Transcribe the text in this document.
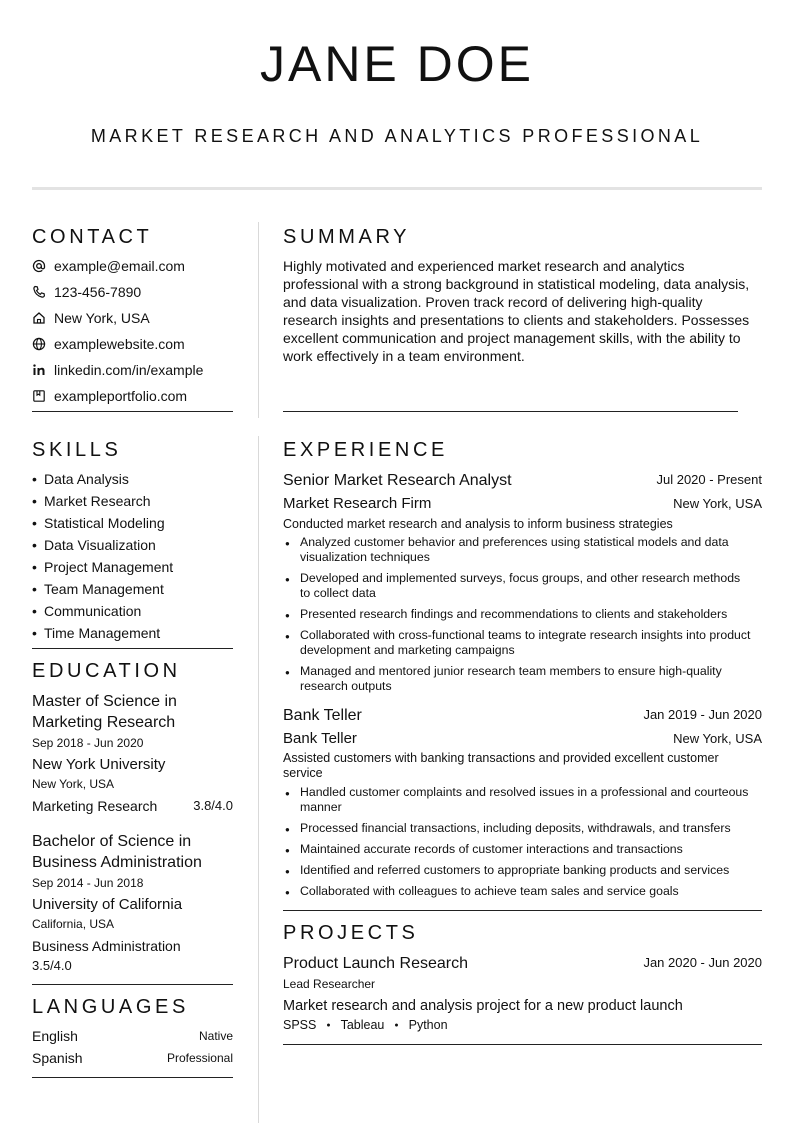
JANE DOE
MARKET RESEARCH AND ANALYTICS PROFESSIONAL
CONTACT
example@email.com
123-456-7890
New York, USA
examplewebsite.com
linkedin.com/in/example
exampleportfolio.com
SUMMARY
Highly motivated and experienced market research and analytics professional with a strong background in statistical modeling, data analysis, and data visualization. Proven track record of delivering high-quality research insights and presentations to clients and stakeholders. Possesses excellent communication and project management skills, with the ability to work effectively in a team environment.
SKILLS
• Data Analysis
• Market Research
• Statistical Modeling
• Data Visualization
• Project Management
• Team Management
• Communication
• Time Management
EDUCATION
Master of Science in Marketing Research
Sep 2018 - Jun 2020
New York University
New York, USA
Marketing Research	3.8/4.0
Bachelor of Science in Business Administration
Sep 2014 - Jun 2018
University of California
California, USA
Business Administration
3.5/4.0
LANGUAGES
English	Native
Spanish	Professional
EXPERIENCE
Senior Market Research Analyst	Jul 2020 - Present
Market Research Firm	New York, USA
Conducted market research and analysis to inform business strategies
● Analyzed customer behavior and preferences using statistical models and data visualization techniques
● Developed and implemented surveys, focus groups, and other research methods to collect data
● Presented research findings and recommendations to clients and stakeholders
● Collaborated with cross-functional teams to integrate research insights into product development and marketing campaigns
● Managed and mentored junior research team members to ensure high-quality research outputs
Bank Teller	Jan 2019 - Jun 2020
Bank Teller	New York, USA
Assisted customers with banking transactions and provided excellent customer service
● Handled customer complaints and resolved issues in a professional and courteous manner
● Processed financial transactions, including deposits, withdrawals, and transfers
● Maintained accurate records of customer interactions and transactions
● Identified and referred customers to appropriate banking products and services
● Collaborated with colleagues to achieve team sales and service goals
PROJECTS
Product Launch Research	Jan 2020 - Jun 2020
Lead Researcher
Market research and analysis project for a new product launch
SPSS ● Tableau ● Python
